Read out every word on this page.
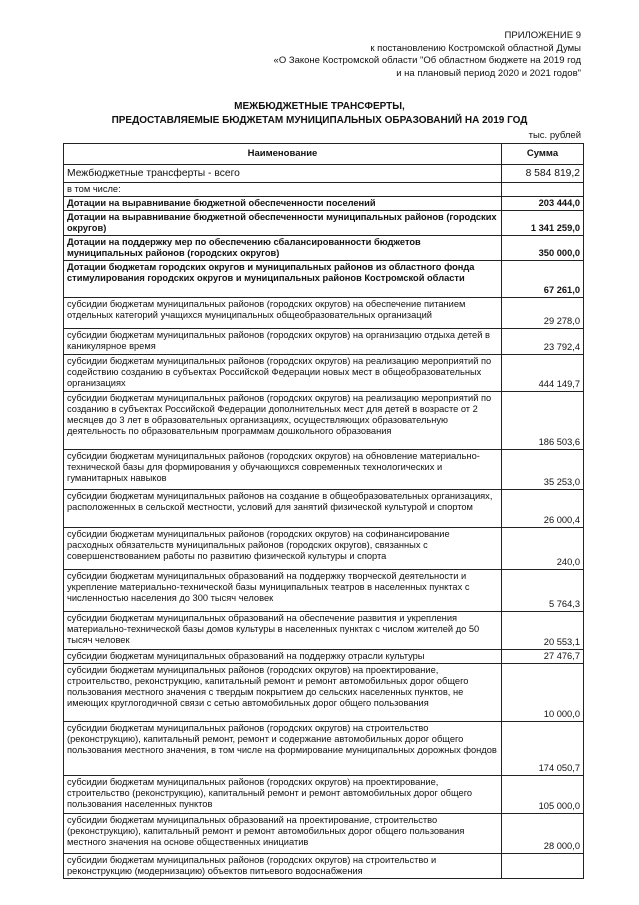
ПРИЛОЖЕНИЕ 9
к постановлению Костромской областной Думы
«О Законе Костромской области "Об областном бюджете на 2019 год
и на плановый период 2020 и 2021 годов"
МЕЖБЮДЖЕТНЫЕ ТРАНСФЕРТЫ,
ПРЕДОСТАВЛЯЕМЫЕ БЮДЖЕТАМ МУНИЦИПАЛЬНЫХ ОБРАЗОВАНИЙ НА 2019 ГОД
тыс. рублей
Наименование	Сумма
Межбюджетные трансферты - всего	8 584 819,2
в том числе:	
Дотации на выравнивание бюджетной обеспеченности поселений	203 444,0
Дотации на выравнивание бюджетной обеспеченности муниципальных районов (городских округов)	1 341 259,0
Дотации на поддержку мер по обеспечению сбалансированности бюджетов муниципальных районов (городских округов)	350 000,0
Дотации бюджетам городских округов и муниципальных районов из областного фонда стимулирования городских округов и муниципальных районов Костромской области	67 261,0
субсидии бюджетам муниципальных районов (городских округов) на обеспечение питанием отдельных категорий учащихся муниципальных общеобразовательных организаций	29 278,0
субсидии бюджетам муниципальных районов (городских округов) на организацию отдыха детей в каникулярное время	23 792,4
субсидии бюджетам муниципальных районов (городских округов) на реализацию мероприятий по содействию созданию в субъектах Российской Федерации новых мест в общеобразовательных организациях	444 149,7
субсидии бюджетам муниципальных районов (городских округов) на реализацию мероприятий по созданию в субъектах Российской Федерации дополнительных мест для детей в возрасте от 2 месяцев до 3 лет в образовательных организациях, осуществляющих образовательную деятельность по образовательным программам дошкольного образования	186 503,6
субсидии бюджетам муниципальных районов (городских округов) на обновление материально-технической базы для формирования у обучающихся современных технологических и гуманитарных навыков	35 253,0
субсидии бюджетам муниципальных районов на создание в общеобразовательных организациях, расположенных в сельской местности, условий для занятий физической культурой и спортом	26 000,4
субсидии бюджетам муниципальных районов (городских округов) на софинансирование расходных обязательств муниципальных районов (городских округов), связанных с совершенствованием работы по развитию физической культуры и спорта	240,0
субсидии бюджетам муниципальных образований на поддержку творческой деятельности и укрепление материально-технической базы муниципальных театров в населенных пунктах с численностью населения до 300 тысяч человек	5 764,3
субсидии бюджетам муниципальных образований на обеспечение развития и укрепления материально-технической базы домов культуры в населенных пунктах с числом жителей до 50 тысяч человек	20 553,1
субсидии бюджетам муниципальных образований на поддержку отрасли культуры	27 476,7
субсидии бюджетам муниципальных районов (городских округов) на проектирование, строительство, реконструкцию, капитальный ремонт и ремонт автомобильных дорог общего пользования местного значения с твердым покрытием до сельских населенных пунктов, не имеющих круглогодичной связи с сетью автомобильных дорог общего пользования	10 000,0
субсидии бюджетам муниципальных районов (городских округов) на строительство (реконструкцию), капитальный ремонт, ремонт и содержание автомобильных дорог общего пользования местного значения, в том числе на формирование муниципальных дорожных фондов	174 050,7
субсидии бюджетам муниципальных районов (городских округов) на проектирование, строительство (реконструкцию), капитальный ремонт и ремонт автомобильных дорог общего пользования населенных пунктов	105 000,0
субсидии бюджетам муниципальных образований на проектирование, строительство (реконструкцию), капитальный ремонт и ремонт автомобильных дорог общего пользования местного значения на основе общественных инициатив	28 000,0
субсидии бюджетам муниципальных районов (городских округов) на строительство и реконструкцию (модернизацию) объектов питьевого водоснабжения	
